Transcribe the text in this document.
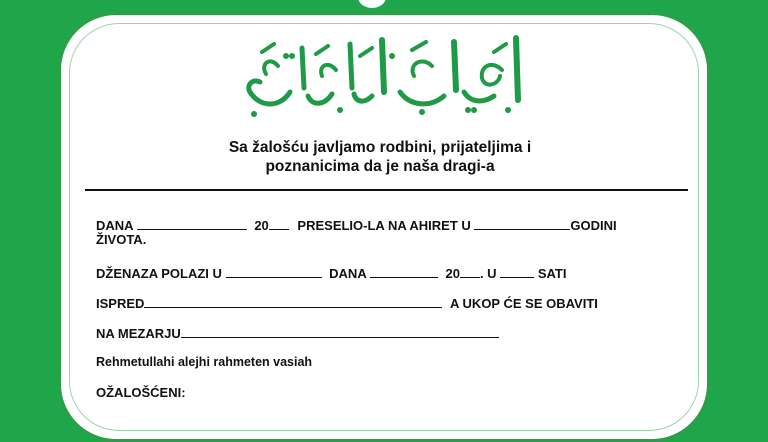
Sa žalošću javljamo rodbini, prijateljima i
poznanicima da je naša dragi-a
DANA	20 PRESELIO-LA NA AHIRET U	GODINI
ŽIVOTA.
DŽENAZA POLAZI U	DANA	20 . U	SATI
ISPRED	A UKOP ĆE SE OBAVITI
NA MEZARJU
Rehmetullahi alejhi rahmeten vasiah
OŽALOŠĆENI:
